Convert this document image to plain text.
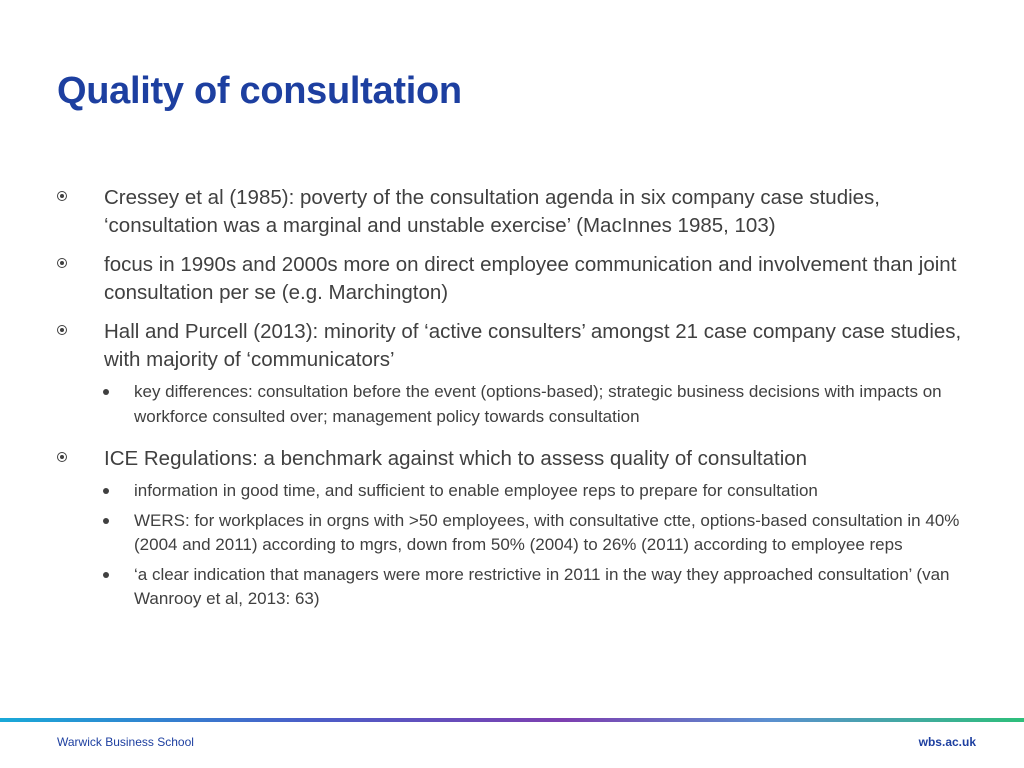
Quality of consultation
Cressey et al (1985): poverty of the consultation agenda in six company case studies, ‘consultation was a marginal and unstable exercise’ (MacInnes 1985, 103)
focus in 1990s and 2000s more on direct employee communication and involvement than joint consultation per se (e.g. Marchington)
Hall and Purcell (2013): minority of ‘active consulters’ amongst 21 case company case studies, with majority of ‘communicators’
key differences: consultation before the event (options-based); strategic business decisions with impacts on workforce consulted over; management policy towards consultation
ICE Regulations: a benchmark against which to assess quality of consultation
information in good time, and sufficient to enable employee reps to prepare for consultation
WERS: for workplaces in orgns with >50 employees, with consultative ctte, options-based consultation in 40% (2004 and 2011) according to mgrs, down from 50% (2004) to 26% (2011) according to employee reps
‘a clear indication that managers were more restrictive in 2011 in the way they approached consultation’ (van Wanrooy et al, 2013: 63)
Warwick Business School	wbs.ac.uk
